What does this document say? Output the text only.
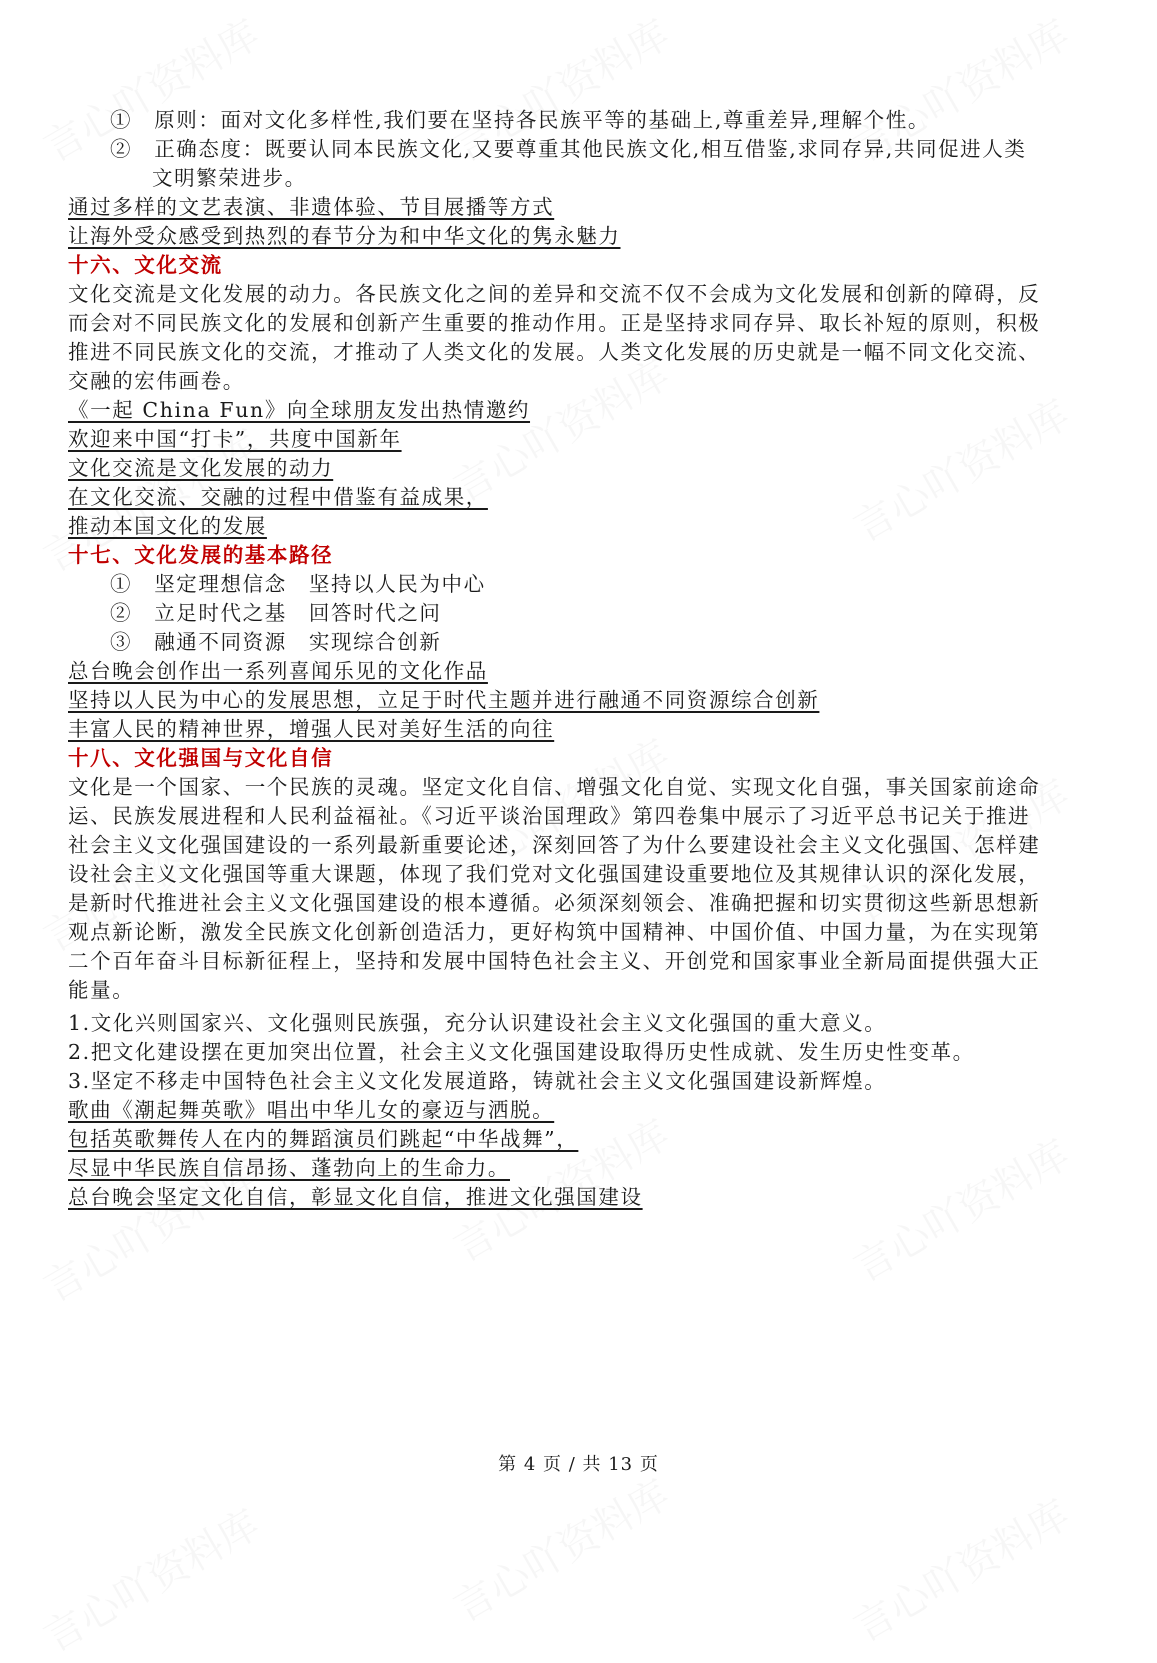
①　原则：面对文化多样性,我们要在坚持各民族平等的基础上,尊重差异,理解个性。
②　正确态度：既要认同本民族文化,又要尊重其他民族文化,相互借鉴,求同存异,共同促进人类
文明繁荣进步。
通过多样的文艺表演、非遗体验、节目展播等方式
让海外受众感受到热烈的春节分为和中华文化的隽永魅力
十六、文化交流
文化交流是文化发展的动力。各民族文化之间的差异和交流不仅不会成为文化发展和创新的障碍，反
而会对不同民族文化的发展和创新产生重要的推动作用。正是坚持求同存异、取长补短的原则，积极
推进不同民族文化的交流，才推动了人类文化的发展。人类文化发展的历史就是一幅不同文化交流、
交融的宏伟画卷。
《一起 China Fun》向全球朋友发出热情邀约
欢迎来中国“打卡”，共度中国新年
文化交流是文化发展的动力
在文化交流、交融的过程中借鉴有益成果，
推动本国文化的发展
十七、文化发展的基本路径
①　坚定理想信念　坚持以人民为中心
②　立足时代之基　回答时代之问
③　融通不同资源　实现综合创新
总台晚会创作出一系列喜闻乐见的文化作品
坚持以人民为中心的发展思想，立足于时代主题并进行融通不同资源综合创新
丰富人民的精神世界，增强人民对美好生活的向往
十八、文化强国与文化自信
文化是一个国家、一个民族的灵魂。坚定文化自信、增强文化自觉、实现文化自强，事关国家前途命
运、民族发展进程和人民利益福祉。《习近平谈治国理政》第四卷集中展示了习近平总书记关于推进
社会主义文化强国建设的一系列最新重要论述，深刻回答了为什么要建设社会主义文化强国、怎样建
设社会主义文化强国等重大课题，体现了我们党对文化强国建设重要地位及其规律认识的深化发展，
是新时代推进社会主义文化强国建设的根本遵循。必须深刻领会、准确把握和切实贯彻这些新思想新
观点新论断，激发全民族文化创新创造活力，更好构筑中国精神、中国价值、中国力量，为在实现第
二个百年奋斗目标新征程上，坚持和发展中国特色社会主义、开创党和国家事业全新局面提供强大正
能量。
1.文化兴则国家兴、文化强则民族强，充分认识建设社会主义文化强国的重大意义。
2.把文化建设摆在更加突出位置，社会主义文化强国建设取得历史性成就、发生历史性变革。
3.坚定不移走中国特色社会主义文化发展道路，铸就社会主义文化强国建设新辉煌。
歌曲《潮起舞英歌》唱出中华儿女的豪迈与洒脱。
包括英歌舞传人在内的舞蹈演员们跳起“中华战舞”，
尽显中华民族自信昂扬、蓬勃向上的生命力。
总台晚会坚定文化自信，彰显文化自信，推进文化强国建设
第 4 页 / 共 13 页
